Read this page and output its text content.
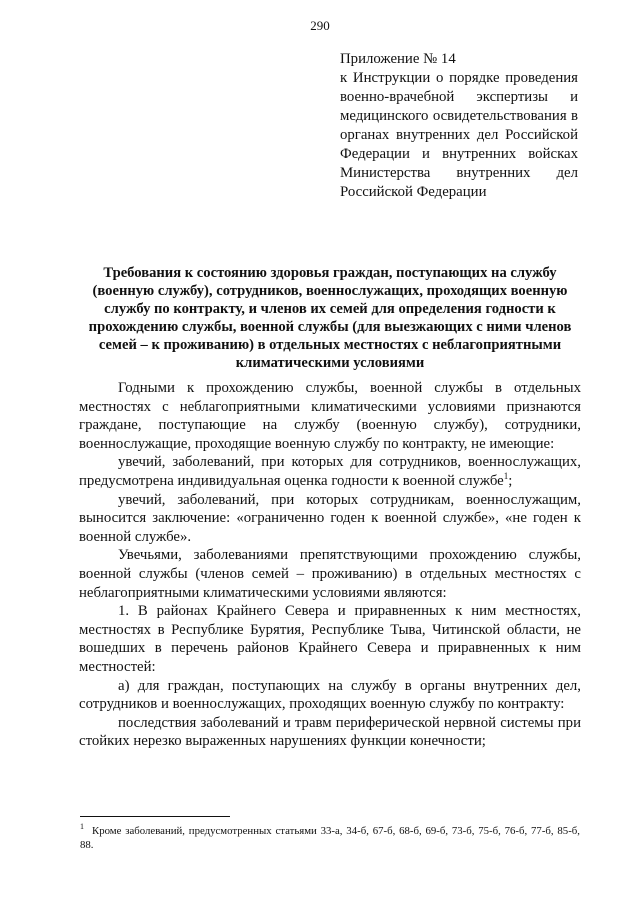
290

Приложение № 14

к Инструкции о порядке проведения военно-врачебной экспертизы и медицинского освидетельствования в органах внутренних дел Российской Федерации и внутренних войсках Министерства внутренних дел Российской Федерации

Требования к состоянию здоровья граждан, поступающих на службу (военную службу), сотрудников, военнослужащих, проходящих военную службу по контракту, и членов их семей для определения годности к прохождению службы, военной службы (для выезжающих с ними членов семей – к проживанию) в отдельных местностях с неблагоприятными климатическими условиями

Годными к прохождению службы, военной службы в отдельных местностях с неблагоприятными климатическими условиями признаются граждане, поступающие на службу (военную службу), сотрудники, военнослужащие, проходящие военную службу по контракту, не имеющие:

увечий, заболеваний, при которых для сотрудников, военнослужащих, предусмотрена индивидуальная оценка годности к военной службе$^1$;

увечий, заболеваний, при которых сотрудникам, военнослужащим, выносится заключение: «ограниченно годен к военной службе», «не годен к военной службе».

Увечьями, заболеваниями препятствующими прохождению службы, военной службы (членов семей – проживанию) в отдельных местностях с неблагоприятными климатическими условиями являются:

1. В районах Крайнего Севера и приравненных к ним местностях, местностях в Республике Бурятия, Республике Тыва, Читинской области, не вошедших в перечень районов Крайнего Севера и приравненных к ним местностей:

а) для граждан, поступающих на службу в органы внутренних дел, сотрудников и военнослужащих, проходящих военную службу по контракту:

последствия заболеваний и травм периферической нервной системы при стойких нерезко выраженных нарушениях функции конечности;

$^1$ Кроме заболеваний, предусмотренных статьями 33-а, 34-б, 67-б, 68-б, 69-б, 73-б, 75-б, 76-б, 77-б, 85-б, 88.
